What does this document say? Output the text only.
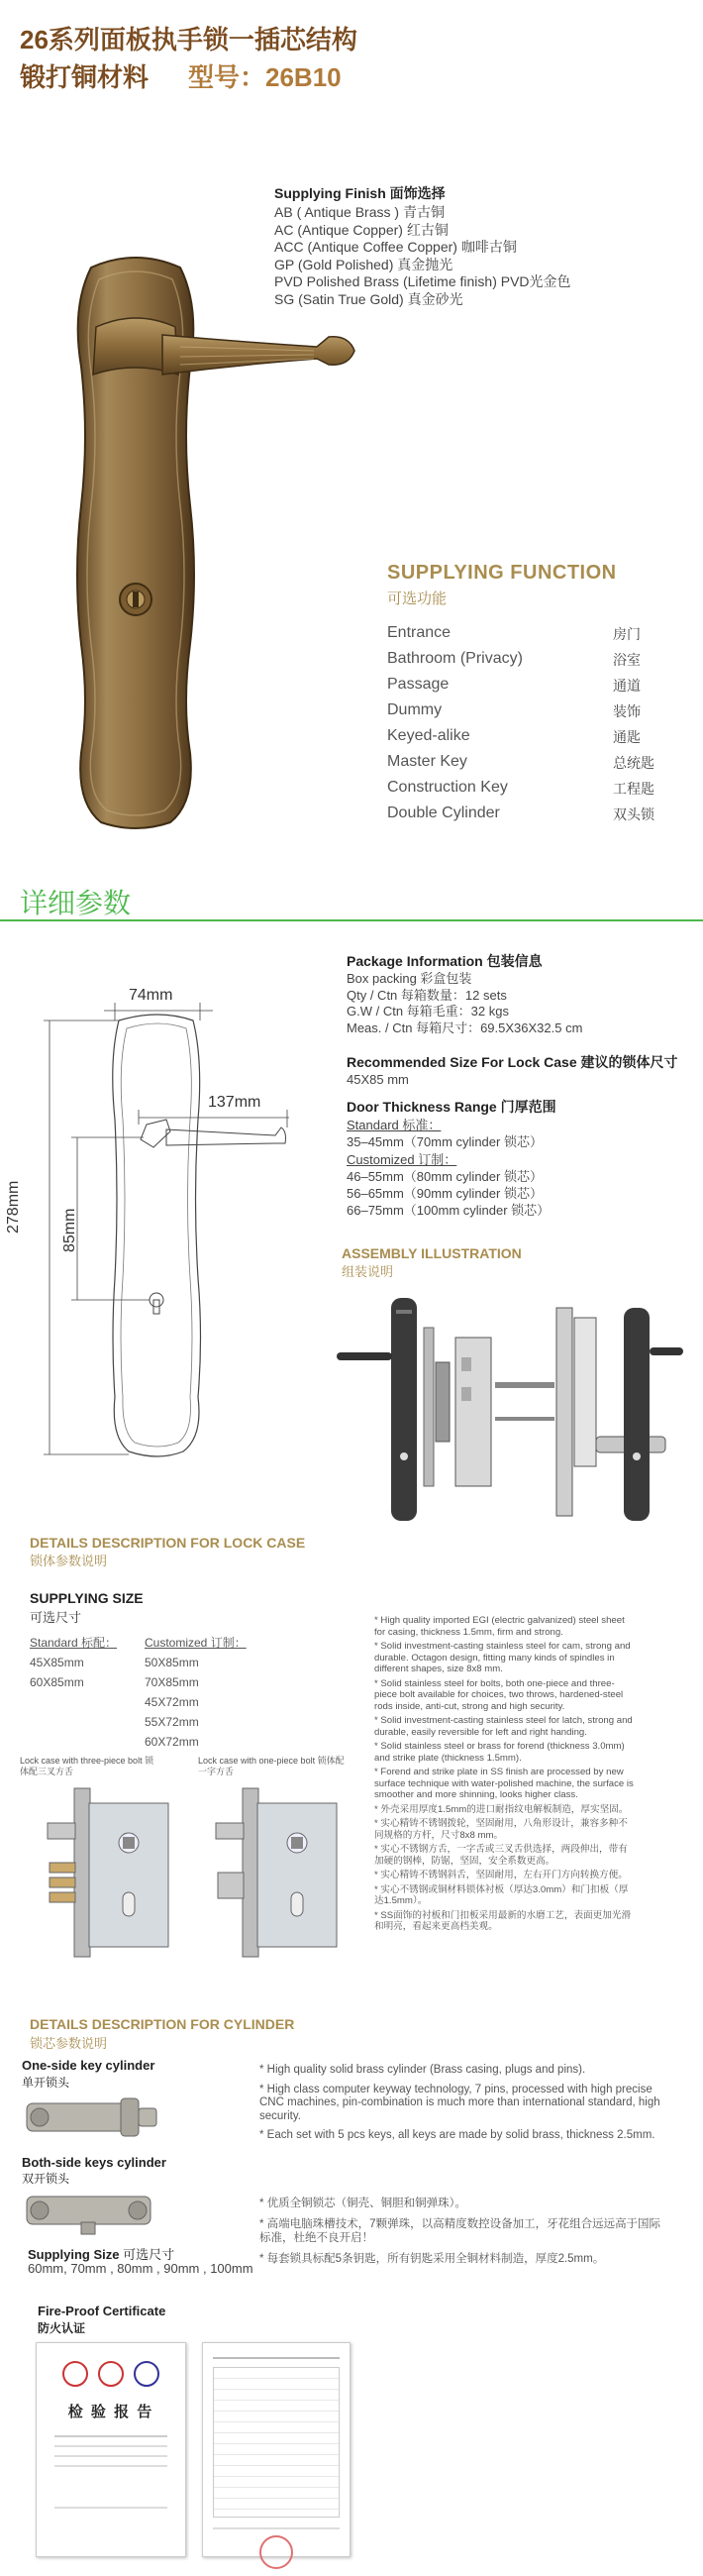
26系列面板执手锁一插芯结构
锻打铜材料 型号：26B10
Supplying Finish 面饰选择
AB ( Antique Brass ) 青古铜
AC (Antique Copper) 红古铜
ACC (Antique Coffee Copper) 咖啡古铜
GP (Gold Polished) 真金抛光
PVD Polished Brass (Lifetime finish) PVD光金色
SG (Satin True Gold) 真金砂光
SUPPLYING FUNCTION
可选功能
Entrance	房门
Bathroom (Privacy)	浴室
Passage	通道
Dummy	装饰
Keyed-alike	通匙
Master Key	总统匙
Construction Key	工程匙
Double Cylinder	双头锁
详细参数
74mm
137mm
278mm	85mm
Package Information 包装信息
Box packing 彩盒包装
Qty / Ctn 每箱数量：12 sets
G.W / Ctn 每箱毛重：32 kgs
Meas. / Ctn 每箱尺寸：69.5X36X32.5 cm
Recommended Size For Lock Case 建议的锁体尺寸
45X85 mm
Door Thickness Range 门厚范围
Standard 标准：
35–45mm（70mm cylinder 锁芯）
Customized 订制：
46–55mm（80mm cylinder 锁芯）
56–65mm（90mm cylinder 锁芯）
66–75mm（100mm cylinder 锁芯）
ASSEMBLY ILLUSTRATION
组装说明
DETAILS DESCRIPTION FOR LOCK CASE
锁体参数说明
SUPPLYING SIZE
可选尺寸
Standard 标配：
45X85mm
60X85mm
Customized 订制：
50X85mm
70X85mm
45X72mm
55X72mm
60X72mm

* High quality imported EGI (electric galvanized) steel sheet for casing, thickness 1.5mm, firm and strong.

* Solid investment-casting stainless steel for cam, strong and durable. Octagon design, fitting many kinds of spindles in different shapes, size 8x8 mm.

* Solid stainless steel for bolts, both one-piece and three-piece bolt available for choices, two throws, hardened-steel rods inside, anti-cut, strong and high security.

* Solid investment-casting stainless steel for latch, strong and durable, easily reversible for left and right handing.

* Solid stainless steel or brass for forend (thickness 3.0mm) and strike plate (thickness 1.5mm).

* Forend and strike plate in SS finish are processed by new surface technique with water-polished machine, the surface is smoother and more shinning, looks higher class.

* 外壳采用厚度1.5mm的进口耐指纹电解板制造，厚实坚固。

* 实心精铸不锈钢拨轮，坚固耐用，八角形设计，兼容多种不同规格的方杆，尺寸8x8 mm。

* 实心不锈钢方舌，一字舌或三叉舌供选择，两段伸出，带有加硬的钢棒，防锯，坚固，安全系数更高。

* 实心精铸不锈钢斜舌，坚固耐用，左右开门方向转换方便。

* 实心不锈钢或铜材料锁体衬板（厚达3.0mm）和门扣板（厚达1.5mm）。

* SS面饰的衬板和门扣板采用最新的水磨工艺，表面更加光滑和明亮，看起来更高档美观。

Lock case with three-piece bolt 锁体配三叉方舌
Lock case with one-piece bolt 锁体配一字方舌
DETAILS DESCRIPTION FOR CYLINDER
锁芯参数说明
One-side key cylinder
单开锁头
Both-side keys cylinder
双开锁头
Supplying Size 可选尺寸
60mm, 70mm , 80mm , 90mm , 100mm

* High quality solid brass cylinder (Brass casing, plugs and pins).

* High class computer keyway technology, 7 pins, processed with high precise CNC machines, pin-combination is much more than international standard, high security.

* Each set with 5 pcs keys, all keys are made by solid brass, thickness 2.5mm.

* 优质全铜锁芯（铜壳、铜胆和铜弹珠）。

* 高端电脑珠槽技术，7颗弹珠，以高精度数控设备加工，牙花组合远远高于国际标准，杜绝不良开启！

* 每套锁具标配5条钥匙，所有钥匙采用全铜材料制造，厚度2.5mm。

Fire-Proof Certificate
防火认证
检 验 报 告
